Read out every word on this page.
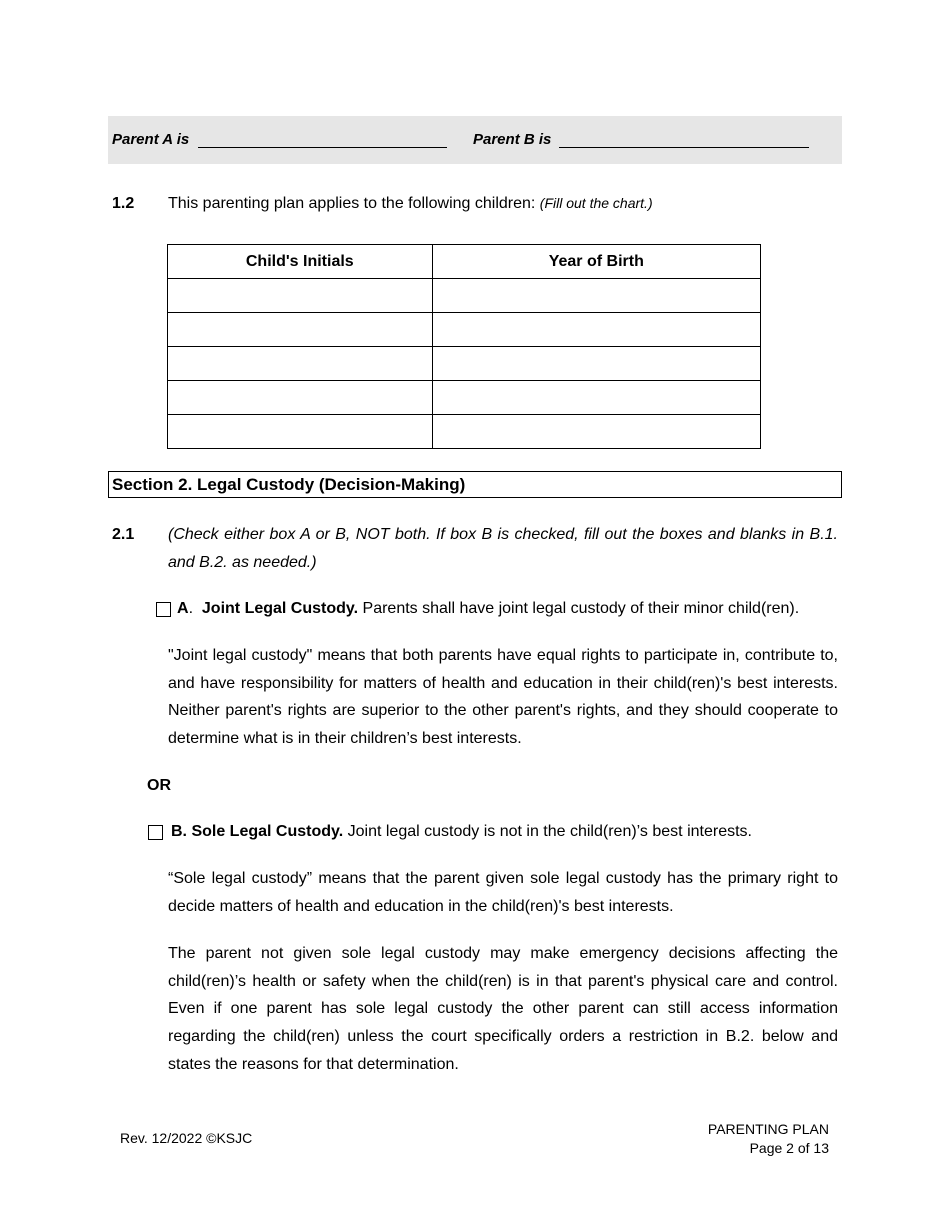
Parent A is	Parent B is
1.2 This parenting plan applies to the following children: (Fill out the chart.)
Child's Initials	Year of Birth

Section 2. Legal Custody (Decision-Making)
2.1 (Check either box A or B, NOT both. If box B is checked, fill out the boxes and blanks in B.1. and B.2. as needed.)
A. Joint Legal Custody. Parents shall have joint legal custody of their minor child(ren).
"Joint legal custody" means that both parents have equal rights to participate in, contribute to, and have responsibility for matters of health and education in their child(ren)'s best interests. Neither parent's rights are superior to the other parent's rights, and they should cooperate to determine what is in their children’s best interests.
OR
B. Sole Legal Custody. Joint legal custody is not in the child(ren)’s best interests.
“Sole legal custody” means that the parent given sole legal custody has the primary right to decide matters of health and education in the child(ren)'s best interests.
The parent not given sole legal custody may make emergency decisions affecting the child(ren)’s health or safety when the child(ren) is in that parent's physical care and control. Even if one parent has sole legal custody the other parent can still access information regarding the child(ren) unless the court specifically orders a restriction in B.2. below and states the reasons for that determination.
Rev. 12/2022 ©KSJC
PARENTING PLAN
Page 2 of 13
